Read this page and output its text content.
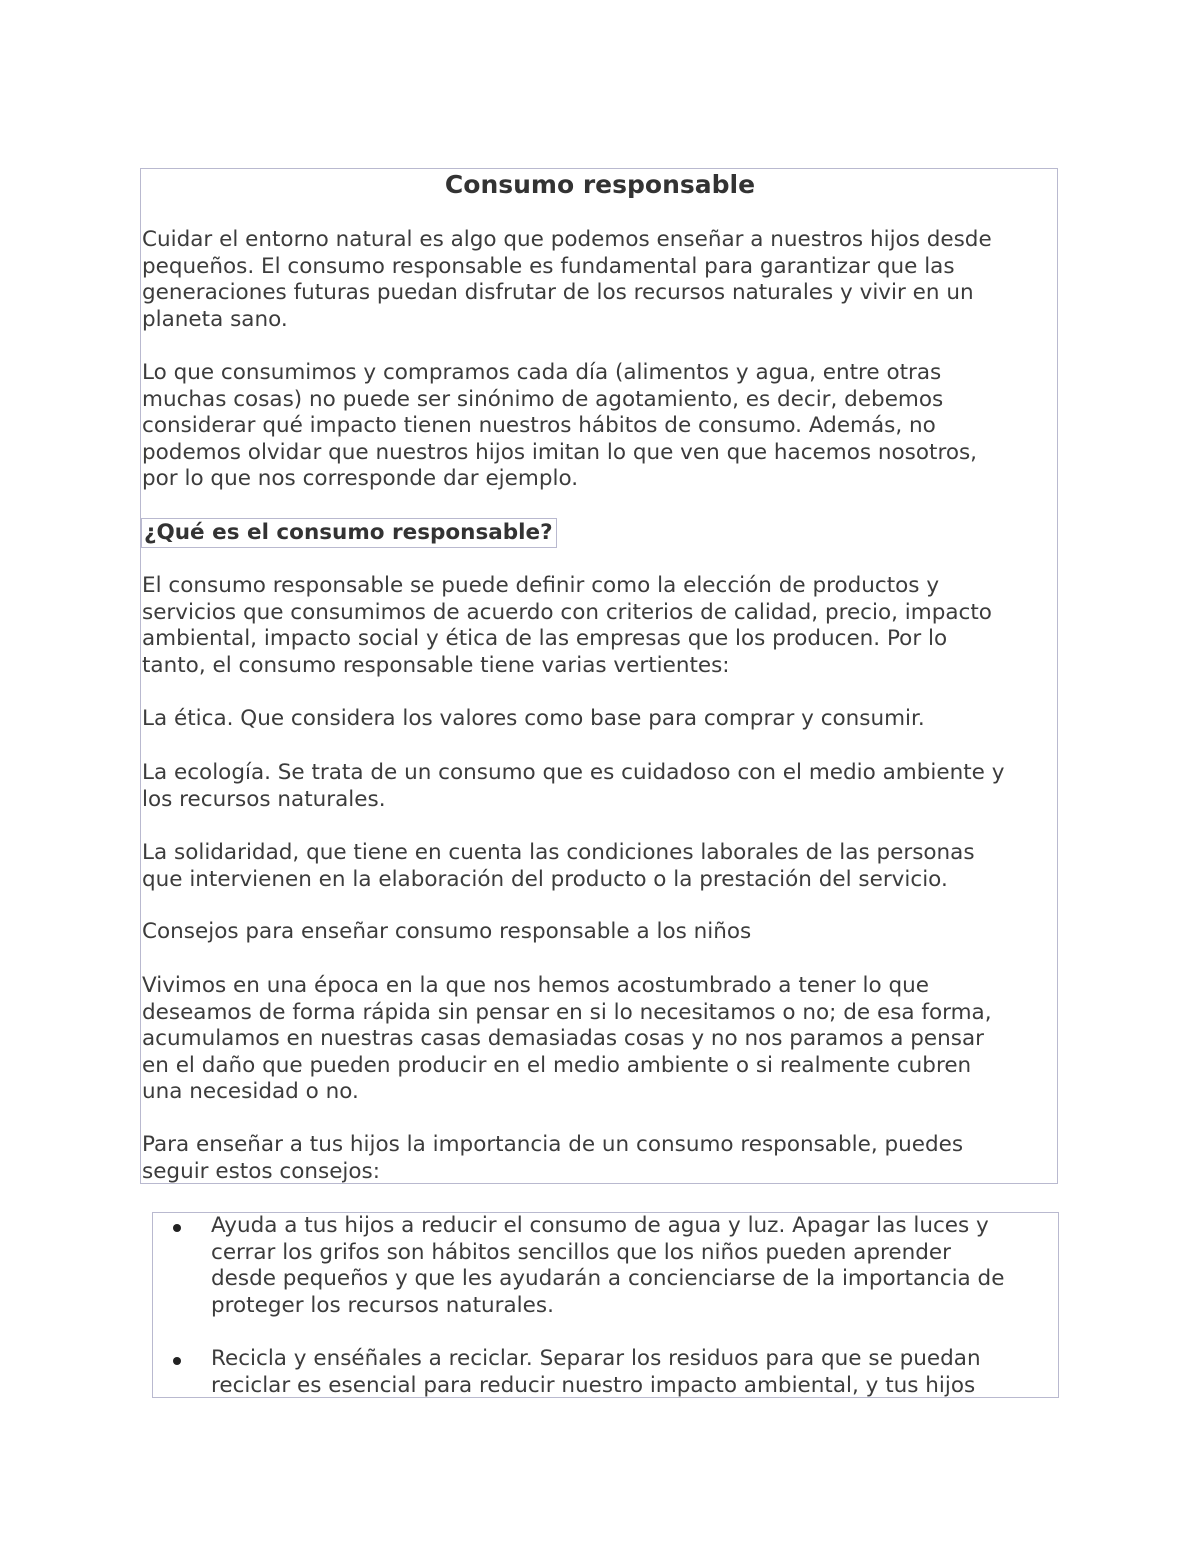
Consumo responsable

Cuidar el entorno natural es algo que podemos enseñar a nuestros hijos desde
pequeños. El consumo responsable es fundamental para garantizar que las
generaciones futuras puedan disfrutar de los recursos naturales y vivir en un
planeta sano.

Lo que consumimos y compramos cada día (alimentos y agua, entre otras
muchas cosas) no puede ser sinónimo de agotamiento, es decir, debemos
considerar qué impacto tienen nuestros hábitos de consumo. Además, no
podemos olvidar que nuestros hijos imitan lo que ven que hacemos nosotros,
por lo que nos corresponde dar ejemplo.

¿Qué es el consumo responsable?

El consumo responsable se puede definir como la elección de productos y
servicios que consumimos de acuerdo con criterios de calidad, precio, impacto
ambiental, impacto social y ética de las empresas que los producen. Por lo
tanto, el consumo responsable tiene varias vertientes:

La ética. Que considera los valores como base para comprar y consumir.

La ecología. Se trata de un consumo que es cuidadoso con el medio ambiente y
los recursos naturales.

La solidaridad, que tiene en cuenta las condiciones laborales de las personas
que intervienen en la elaboración del producto o la prestación del servicio.

Consejos para enseñar consumo responsable a los niños

Vivimos en una época en la que nos hemos acostumbrado a tener lo que
deseamos de forma rápida sin pensar en si lo necesitamos o no; de esa forma,
acumulamos en nuestras casas demasiadas cosas y no nos paramos a pensar
en el daño que pueden producir en el medio ambiente o si realmente cubren
una necesidad o no.

Para enseñar a tus hijos la importancia de un consumo responsable, puedes
seguir estos consejos:

Ayuda a tus hijos a reducir el consumo de agua y luz. Apagar las luces y
cerrar los grifos son hábitos sencillos que los niños pueden aprender
desde pequeños y que les ayudarán a concienciarse de la importancia de
proteger los recursos naturales.

Recicla y enséñales a reciclar. Separar los residuos para que se puedan
reciclar es esencial para reducir nuestro impacto ambiental, y tus hijos
